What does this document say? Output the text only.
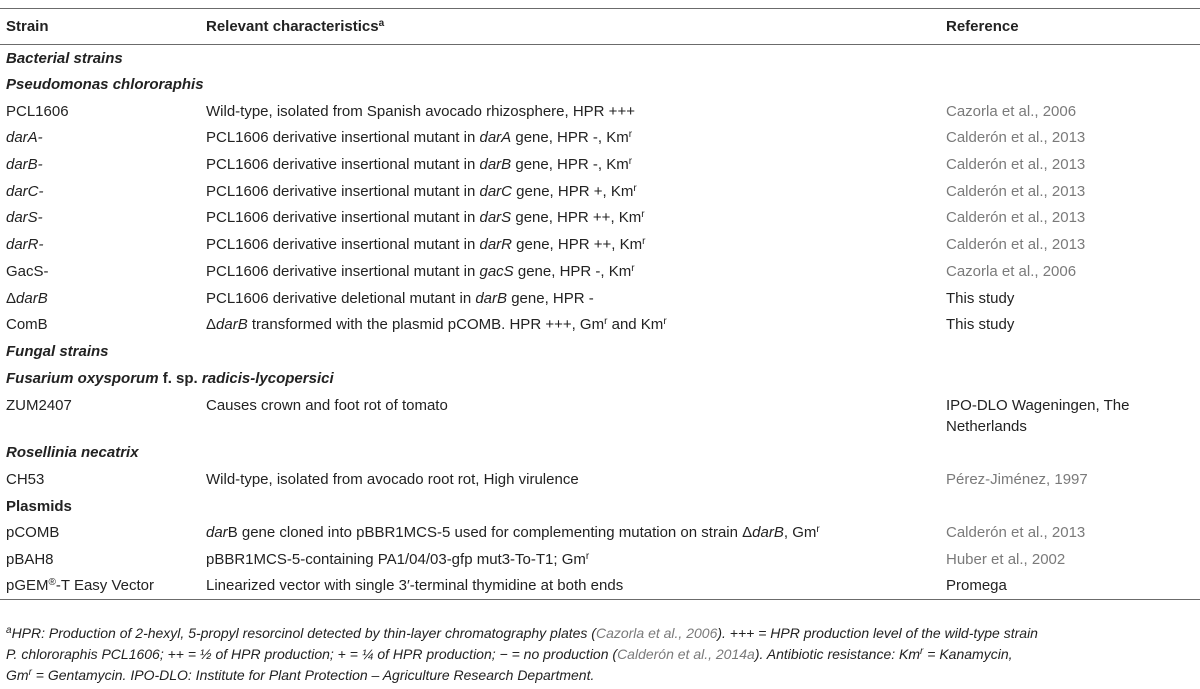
Strain	Relevant characteristics$^a$	Reference
Bacterial strains		
Pseudomonas chlororaphis		
PCL1606	Wild-type, isolated from Spanish avocado rhizosphere, HPR +++	Cazorla et al., 2006
darA-	PCL1606 derivative insertional mutant in darA gene, HPR -, Km$^r$	Calderón et al., 2013
darB-	PCL1606 derivative insertional mutant in darB gene, HPR -, Km$^r$	Calderón et al., 2013
darC-	PCL1606 derivative insertional mutant in darC gene, HPR +, Km$^r$	Calderón et al., 2013
darS-	PCL1606 derivative insertional mutant in darS gene, HPR ++, Km$^r$	Calderón et al., 2013
darR-	PCL1606 derivative insertional mutant in darR gene, HPR ++, Km$^r$	Calderón et al., 2013
GacS-	PCL1606 derivative insertional mutant in gacS gene, HPR -, Km$^r$	Cazorla et al., 2006
ΔdarB	PCL1606 derivative deletional mutant in darB gene, HPR -	This study
ComB	ΔdarB transformed with the plasmid pCOMB. HPR +++, Gm$^r$ and Km$^r$	This study
Fungal strains		
Fusarium oxysporum f. sp. radicis-lycopersici		
ZUM2407	Causes crown and foot rot of tomato	IPO-DLO Wageningen, The
Netherlands

Rosellinia necatrix		
CH53	Wild-type, isolated from avocado root rot, High virulence	Pérez-Jiménez, 1997
Plasmids		
pCOMB	darB gene cloned into pBBR1MCS-5 used for complementing mutation on strain ΔdarB, Gm$^r$	Calderón et al., 2013
pBAH8	pBBR1MCS-5-containing PA1/04/03-gfp mut3-To-T1; Gm$^r$	Huber et al., 2002
pGEM®-T Easy Vector	Linearized vector with single 3′-terminal thymidine at both ends	Promega
$^a$HPR: Production of 2-hexyl, 5-propyl resorcinol detected by thin-layer chromatography plates (Cazorla et al., 2006). +++ = HPR production level of the wild-type strain
P. chlororaphis PCL1606; ++ = ½ of HPR production; + = ¼ of HPR production; − = no production (Calderón et al., 2014a). Antibiotic resistance: $Km^r$ = Kanamycin,
$Gm^r$ = Gentamycin. IPO-DLO: Institute for Plant Protection – Agriculture Research Department.
